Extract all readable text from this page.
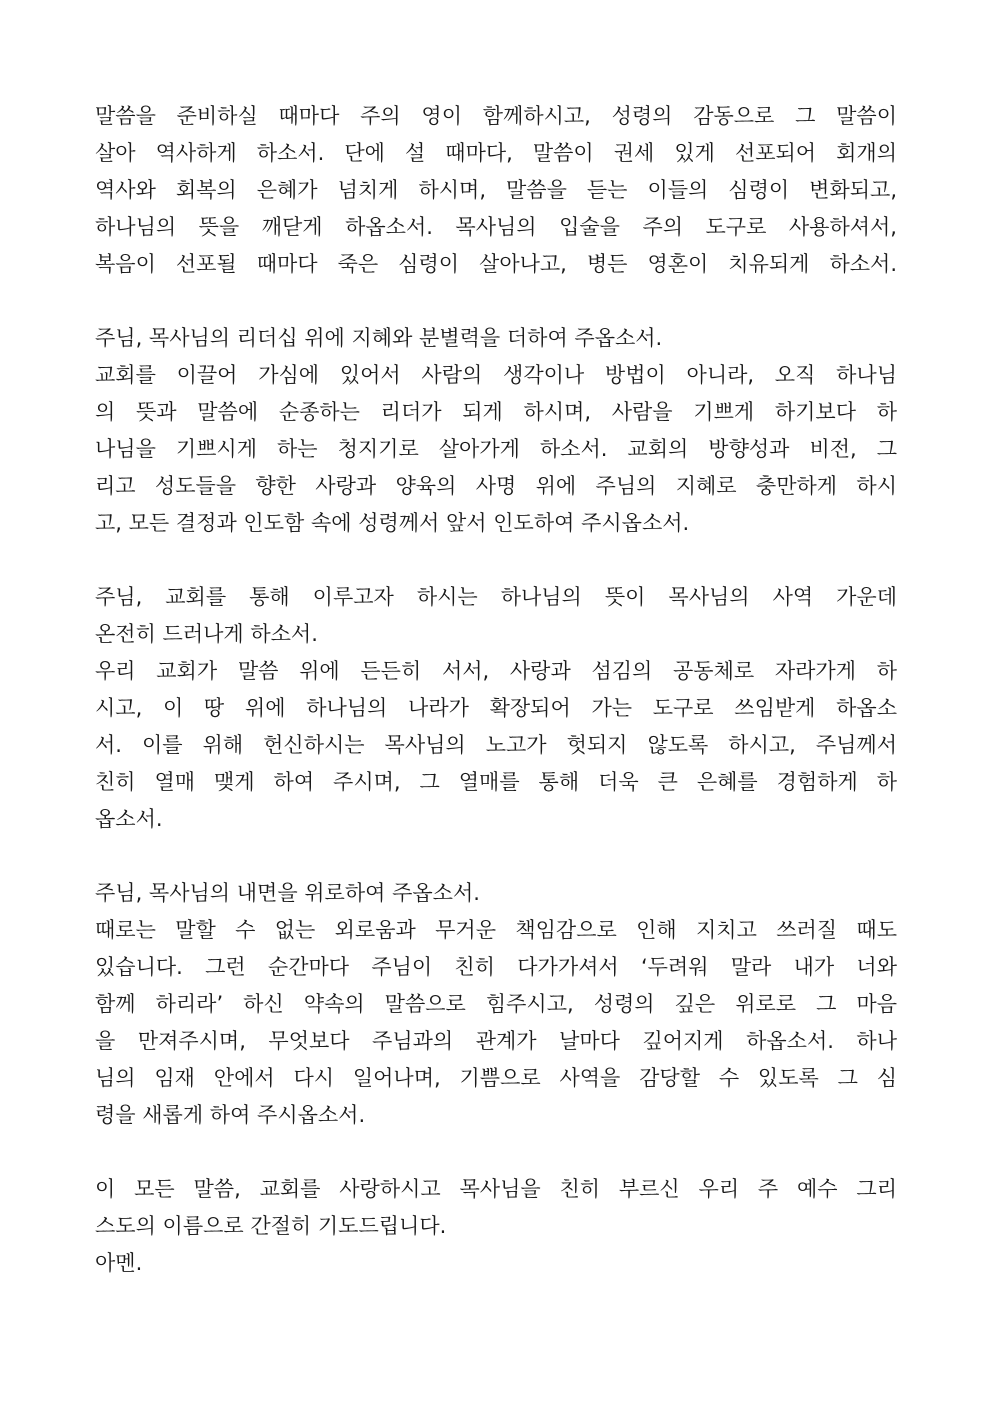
말씀을 준비하실 때마다 주의 영이 함께하시고, 성령의 감동으로 그 말씀이
살아 역사하게 하소서. 단에 설 때마다, 말씀이 권세 있게 선포되어 회개의
역사와 회복의 은혜가 넘치게 하시며, 말씀을 듣는 이들의 심령이 변화되고,
하나님의 뜻을 깨닫게 하옵소서. 목사님의 입술을 주의 도구로 사용하셔서,
복음이 선포될 때마다 죽은 심령이 살아나고, 병든 영혼이 치유되게 하소서.
주님, 목사님의 리더십 위에 지혜와 분별력을 더하여 주옵소서.
교회를 이끌어 가심에 있어서 사람의 생각이나 방법이 아니라, 오직 하나님
의 뜻과 말씀에 순종하는 리더가 되게 하시며, 사람을 기쁘게 하기보다 하
나님을 기쁘시게 하는 청지기로 살아가게 하소서. 교회의 방향성과 비전, 그
리고 성도들을 향한 사랑과 양육의 사명 위에 주님의 지혜로 충만하게 하시
고, 모든 결정과 인도함 속에 성령께서 앞서 인도하여 주시옵소서.
주님, 교회를 통해 이루고자 하시는 하나님의 뜻이 목사님의 사역 가운데
온전히 드러나게 하소서.
우리 교회가 말씀 위에 든든히 서서, 사랑과 섬김의 공동체로 자라가게 하
시고, 이 땅 위에 하나님의 나라가 확장되어 가는 도구로 쓰임받게 하옵소
서. 이를 위해 헌신하시는 목사님의 노고가 헛되지 않도록 하시고, 주님께서
친히 열매 맺게 하여 주시며, 그 열매를 통해 더욱 큰 은혜를 경험하게 하
옵소서.
주님, 목사님의 내면을 위로하여 주옵소서.
때로는 말할 수 없는 외로움과 무거운 책임감으로 인해 지치고 쓰러질 때도
있습니다. 그런 순간마다 주님이 친히 다가가셔서 ‘두려워 말라 내가 너와
함께 하리라’ 하신 약속의 말씀으로 힘주시고, 성령의 깊은 위로로 그 마음
을 만져주시며, 무엇보다 주님과의 관계가 날마다 깊어지게 하옵소서. 하나
님의 임재 안에서 다시 일어나며, 기쁨으로 사역을 감당할 수 있도록 그 심
령을 새롭게 하여 주시옵소서.
이 모든 말씀, 교회를 사랑하시고 목사님을 친히 부르신 우리 주 예수 그리
스도의 이름으로 간절히 기도드립니다.
아멘.
